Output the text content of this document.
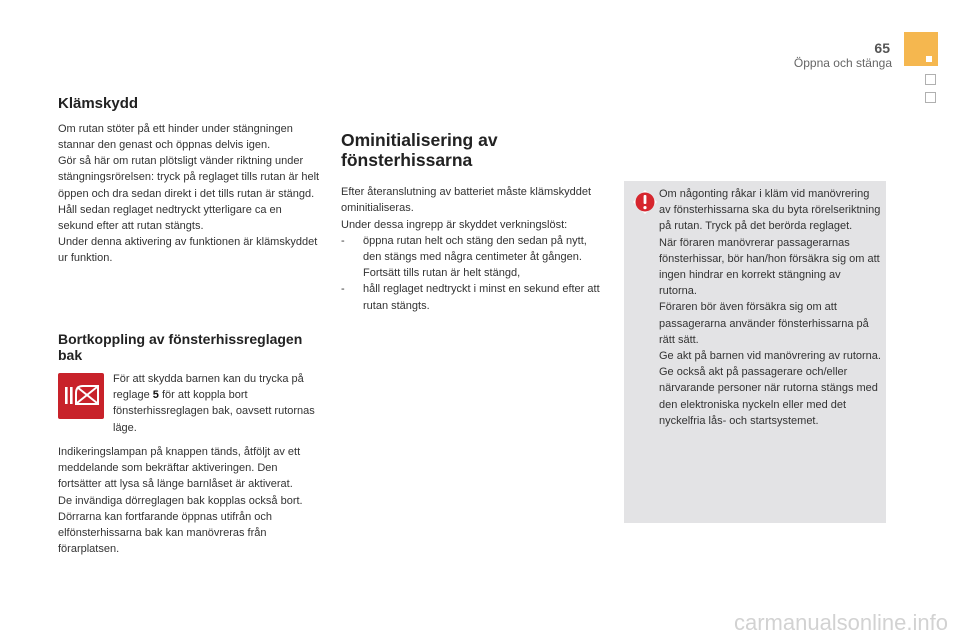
65
Öppna och stänga
Klämskydd

Om rutan stöter på ett hinder under stängningen stannar den genast och öppnas delvis igen.
Gör så här om rutan plötsligt vänder riktning under stängningsrörelsen: tryck på reglaget tills rutan är helt öppen och dra sedan direkt i det tills rutan är stängd. Håll sedan reglaget nedtryckt ytterligare ca en sekund efter att rutan stängts.
Under denna aktivering av funktionen är klämskyddet ur funktion.

Bortkoppling av fönsterhissreglagen bak

För att skydda barnen kan du trycka på reglage 5 för att koppla bort fönsterhissreglagen bak, oavsett rutornas läge.

Indikeringslampan på knappen tänds, åtföljt av ett meddelande som bekräftar aktiveringen. Den fortsätter att lysa så länge barnlåset är aktiverat.
De invändiga dörreglagen bak kopplas också bort.
Dörrarna kan fortfarande öppnas utifrån och elfönsterhissarna bak kan manövreras från förarplatsen.

Ominitialisering av fönsterhissarna

Efter återanslutning av batteriet måste klämskyddet ominitialiseras.
Under dessa ingrepp är skyddet verkningslöst:

- öppna rutan helt och stäng den sedan på nytt, den stängs med några centimeter åt gången. Fortsätt tills rutan är helt stängd,
- håll reglaget nedtryckt i minst en sekund efter att rutan stängts.

Om någonting råkar i kläm vid manövrering av fönsterhissarna ska du byta rörelseriktning på rutan. Tryck på det berörda reglaget.
När föraren manövrerar passagerarnas fönsterhissar, bör han/hon försäkra sig om att ingen hindrar en korrekt stängning av rutorna.
Föraren bör även försäkra sig om att passagerarna använder fönsterhissarna på rätt sätt.
Ge akt på barnen vid manövrering av rutorna.
Ge också akt på passagerare och/eller närvarande personer när rutorna stängs med den elektroniska nyckeln eller med det nyckelfria lås- och startsystemet.

carmanualsonline.info
